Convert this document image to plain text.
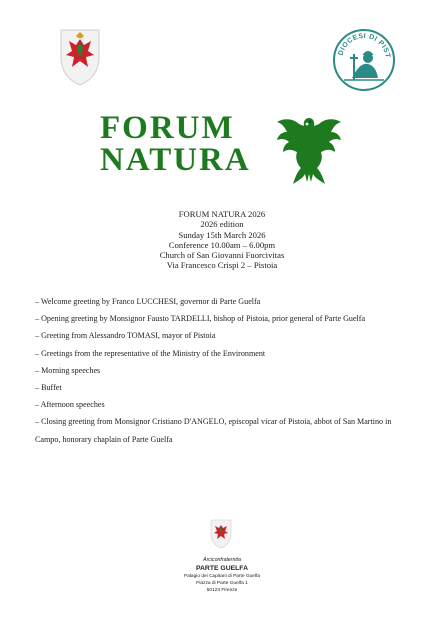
DIOCESI DI PIST
FORUM
NATURA
FORUM NATURA 2026
2026 edition
Sunday 15th March 2026
Conference 10.00am – 6.00pm
Church of San Giovanni Fuorcivitas
Via Francesco Crispi 2 – Pistoia
– Welcome greeting by Franco LUCCHESI, governor di Parte Guelfa
– Opening greeting by Monsignor Fausto TARDELLI, bishop of Pistoia, prior general of Parte Guelfa
– Greeting from Alessandro TOMASI, mayor of Pistoia
– Greetings from the representative of the Ministry of the Environment
– Morning speeches
– Buffet
– Afternoon speeches
– Closing greeting from Monsignor Cristiano D'ANGELO, episcopal vicar of Pistoia, abbot of San Martino in Campo, honorary chaplain of Parte Guelfa
Arciconfraternita
PARTE GUELFA
Palagio dei Capitani di Parte Guelfa
Piazza di Parte Guelfa 1
50123 Firenze
